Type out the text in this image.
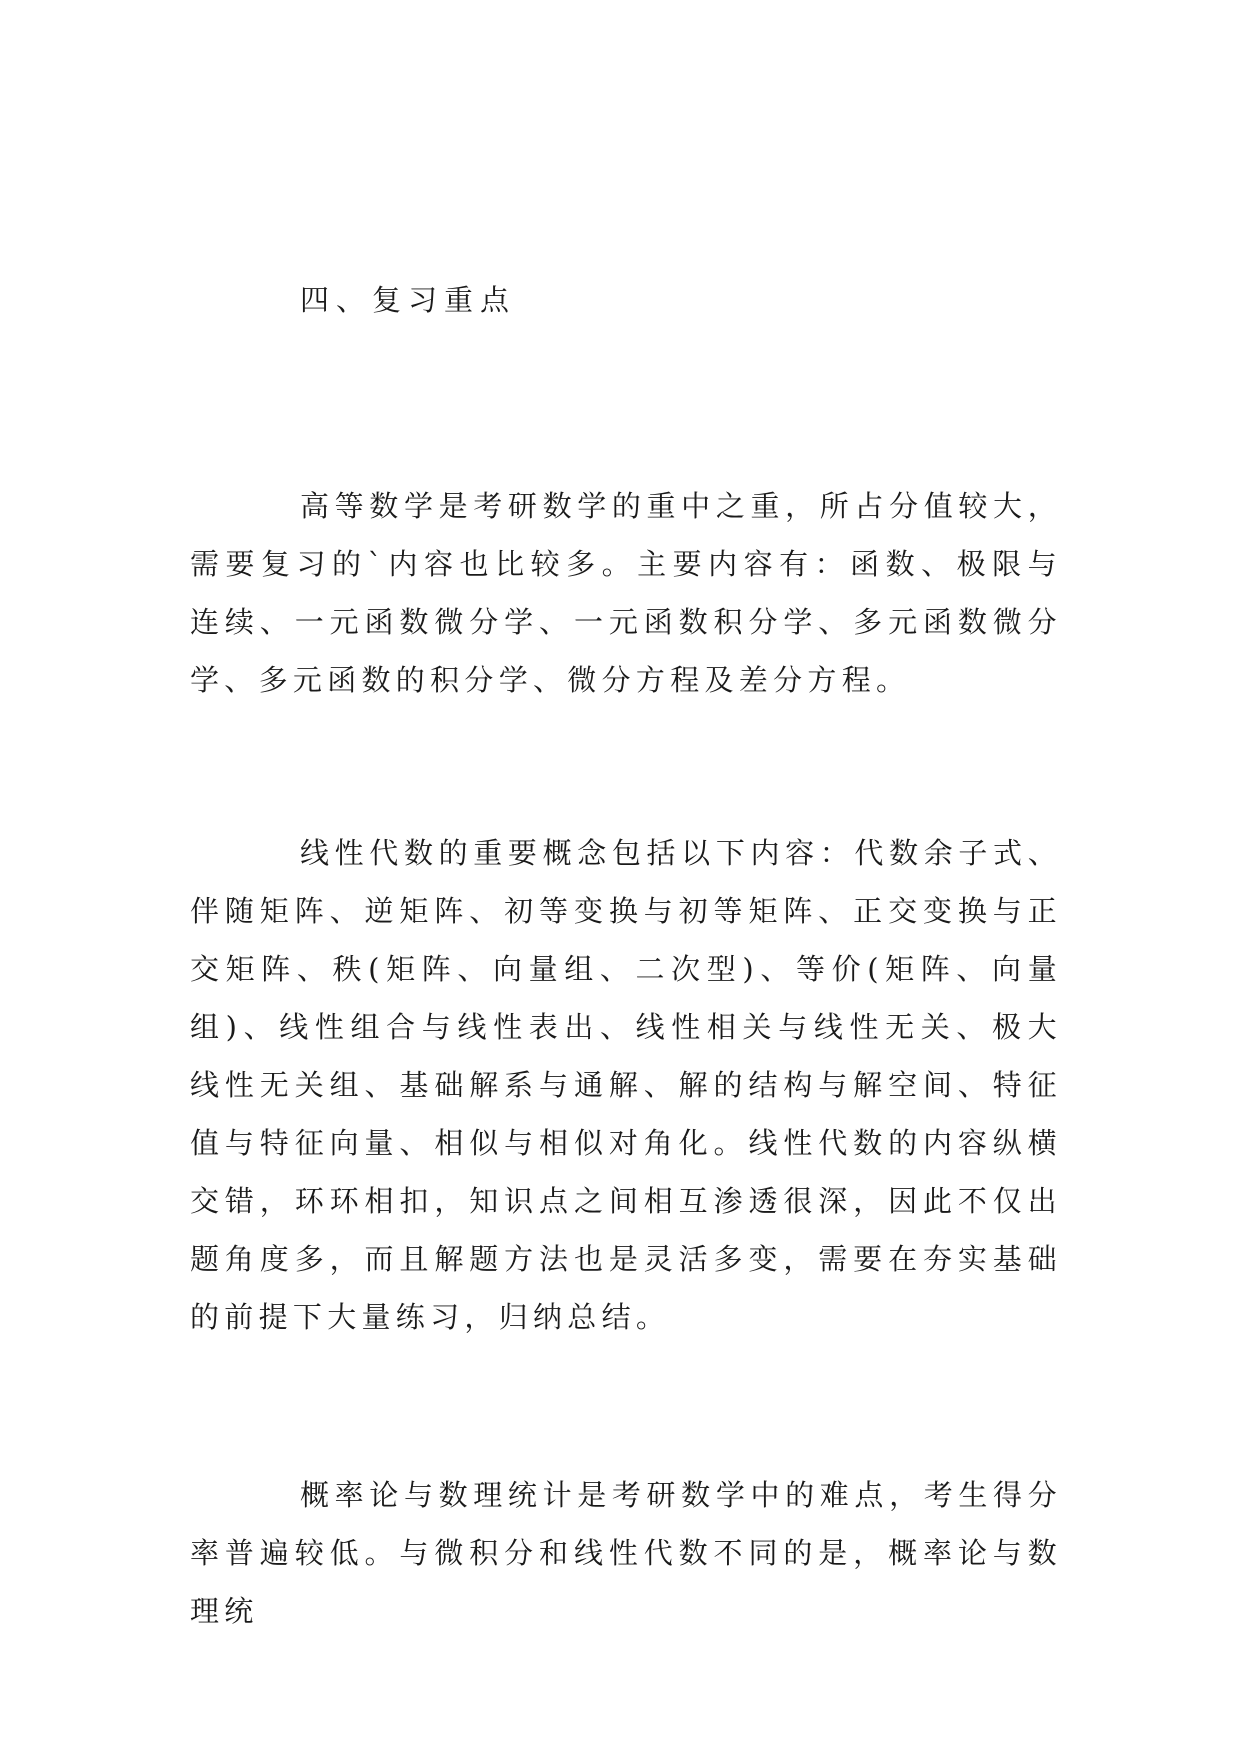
四、复习重点

高等数学是考研数学的重中之重，所占分值较大，需要复习的`内容也比较多。主要内容有：函数、极限与连续、一元函数微分学、一元函数积分学、多元函数微分学、多元函数的积分学、微分方程及差分方程。

线性代数的重要概念包括以下内容：代数余子式、伴随矩阵、逆矩阵、初等变换与初等矩阵、正交变换与正交矩阵、秩(矩阵、向量组、二次型)、等价(矩阵、向量组)、线性组合与线性表出、线性相关与线性无关、极大线性无关组、基础解系与通解、解的结构与解空间、特征值与特征向量、相似与相似对角化。线性代数的内容纵横交错，环环相扣，知识点之间相互渗透很深，因此不仅出题角度多，而且解题方法也是灵活多变，需要在夯实基础的前提下大量练习，归纳总结。

概率论与数理统计是考研数学中的难点，考生得分率普遍较低。与微积分和线性代数不同的是，概率论与数理统
